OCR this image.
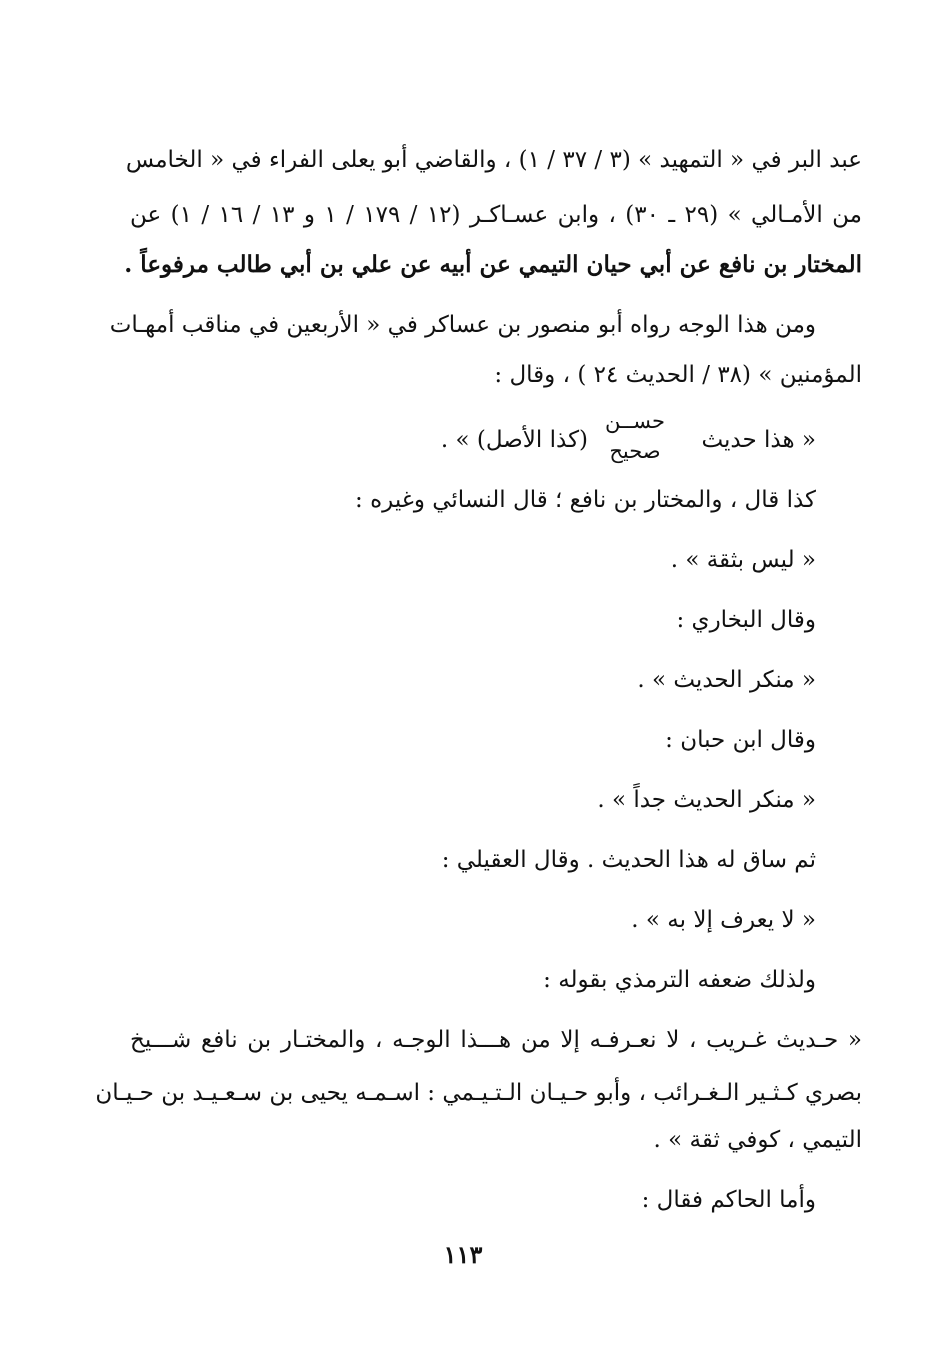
عبد البر في « التمهيد » (٣ / ٣٧ / ١) ، والقاضي أبو يعلى الفراء في « الخامس
من الأمـالي » (٢٩ ـ ٣٠) ، وابن عسـاكـر (١٢ / ١٧٩ / ١ و ١٣ / ١٦ / ١) عن
المختار بن نافع عن أبي حيان التيمي عن أبيه عن علي بن أبي طالب مرفوعاً .
ومن هذا الوجه رواه أبو منصور بن عساكر في « الأربعين في مناقب أمهـات
المؤمنين » (٣٨ / الحديث ٢٤ ) ، وقال :
« هذا حديث
حســن
صحيح
(كذا الأصل) » .
كذا قال ، والمختار بن نافع ؛ قال النسائي وغيره :
« ليس بثقة » .
وقال البخاري :
« منكر الحديث » .
وقال ابن حبان :
« منكر الحديث جداً » .
ثم ساق له هذا الحديث . وقال العقيلي :
« لا يعرف إلا به » .
ولذلك ضعفه الترمذي بقوله :
« حـديث غـريب ، لا نعـرفـه إلا من هـــذا الوجـه ، والمختـار بن نافع شـــيخ
بصري كـثـير الـغـرائب ، وأبو حـيـان الـتـيـمي : اسـمـه يحيى بن سـعـيـد بن حـيـان
التيمي ، كوفي ثقة » .
وأما الحاكم فقال :
١١٣
